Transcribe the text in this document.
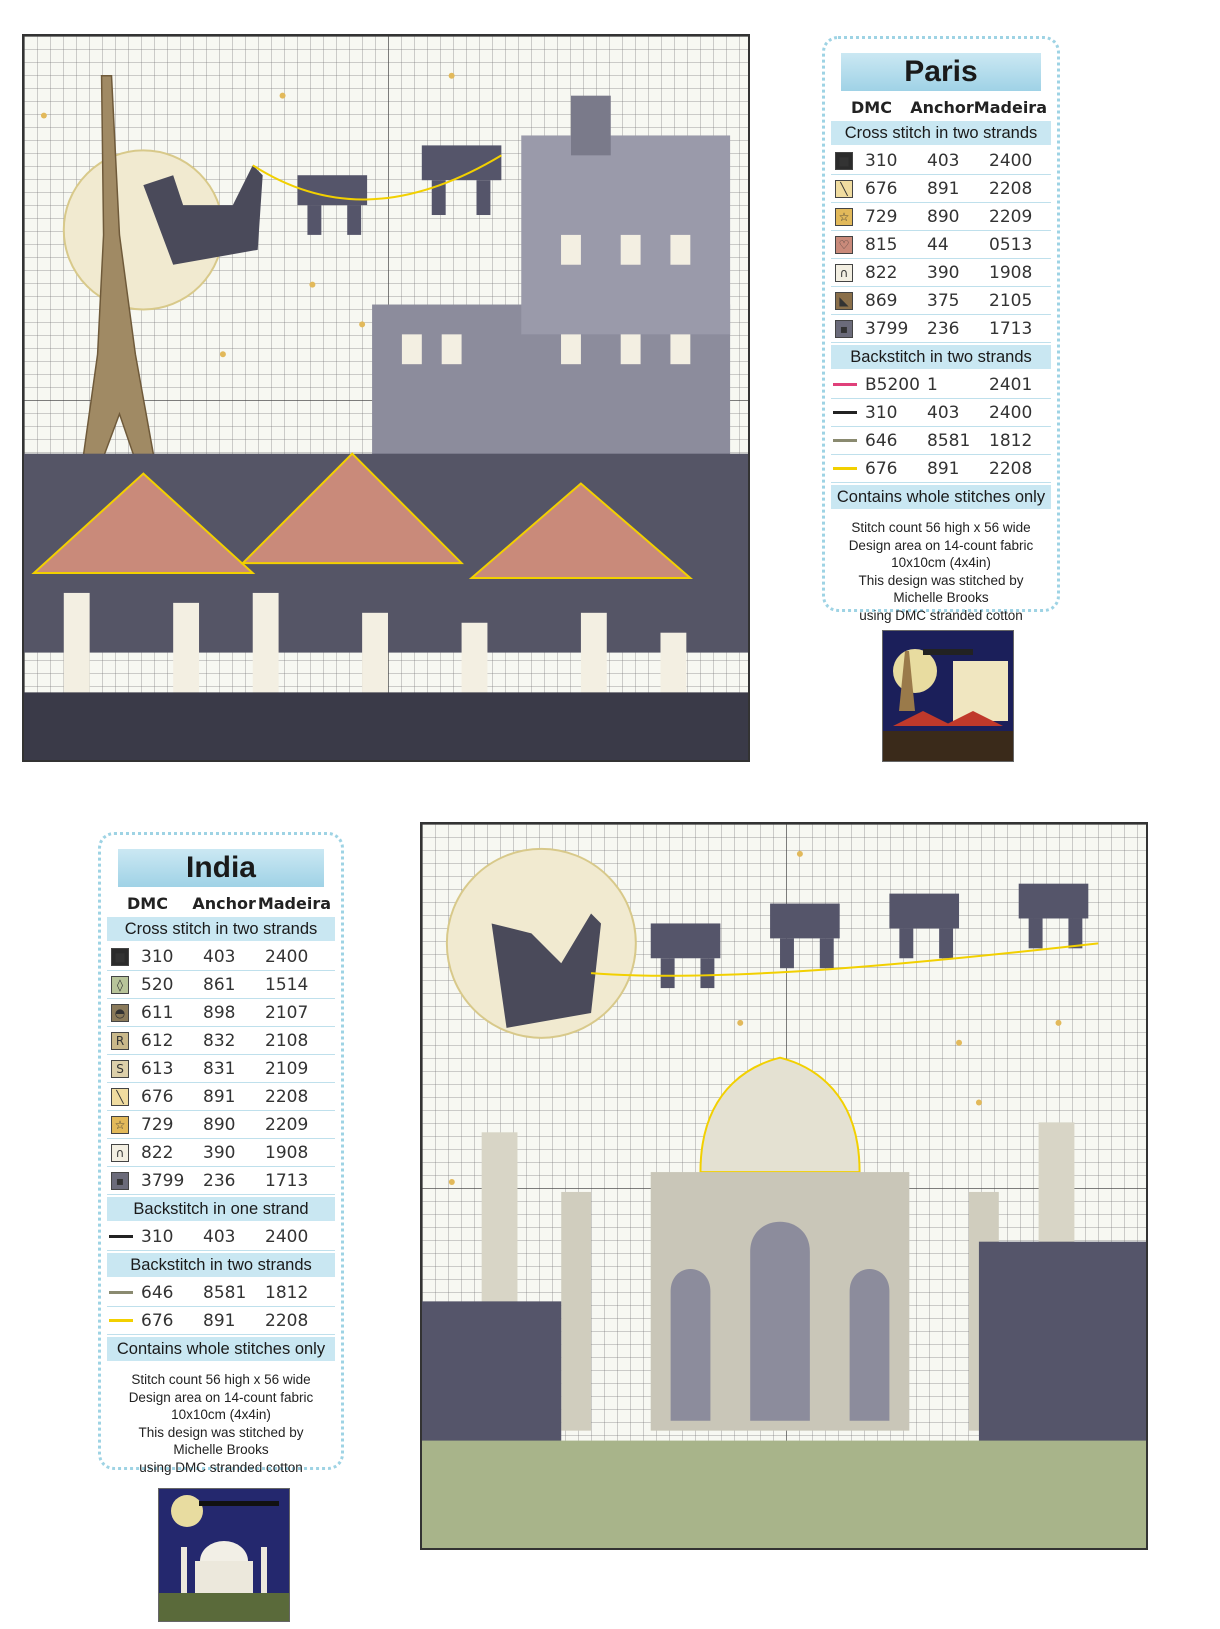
Paris
DMC	Anchor Madeira
Cross stitch in two strands
■ 310	403	2400
╲	676	891	2208
☆ 729	890	2209
♡ 815	44	0513
∩ 822	390	1908
◣ 869	375	2105
▪ 3799	236	1713
Backstitch in two strands
B5200 1	2401
310	403	2400
646	8581	1812
676	891	2208
Contains whole stitches only
Stitch count 56 high x 56 wide
Design area on 14-count fabric
10x10cm (4x4in)
This design was stitched by
Michelle Brooks
using DMC stranded cotton
India
DMC	Anchor Madeira
Cross stitch in two strands
■ 310	403	2400
◊	520	861	1514
◓ 611	898	2107
R 612	832	2108
S	613	831	2109
╲	676	891	2208
☆ 729	890	2209
∩ 822	390	1908
▪ 3799	236	1713
Backstitch in one strand
310	403	2400
Backstitch in two strands
646	8581	1812
676	891	2208
Contains whole stitches only
Stitch count 56 high x 56 wide
Design area on 14-count fabric
10x10cm (4x4in)
This design was stitched by
Michelle Brooks
using DMC stranded cotton
